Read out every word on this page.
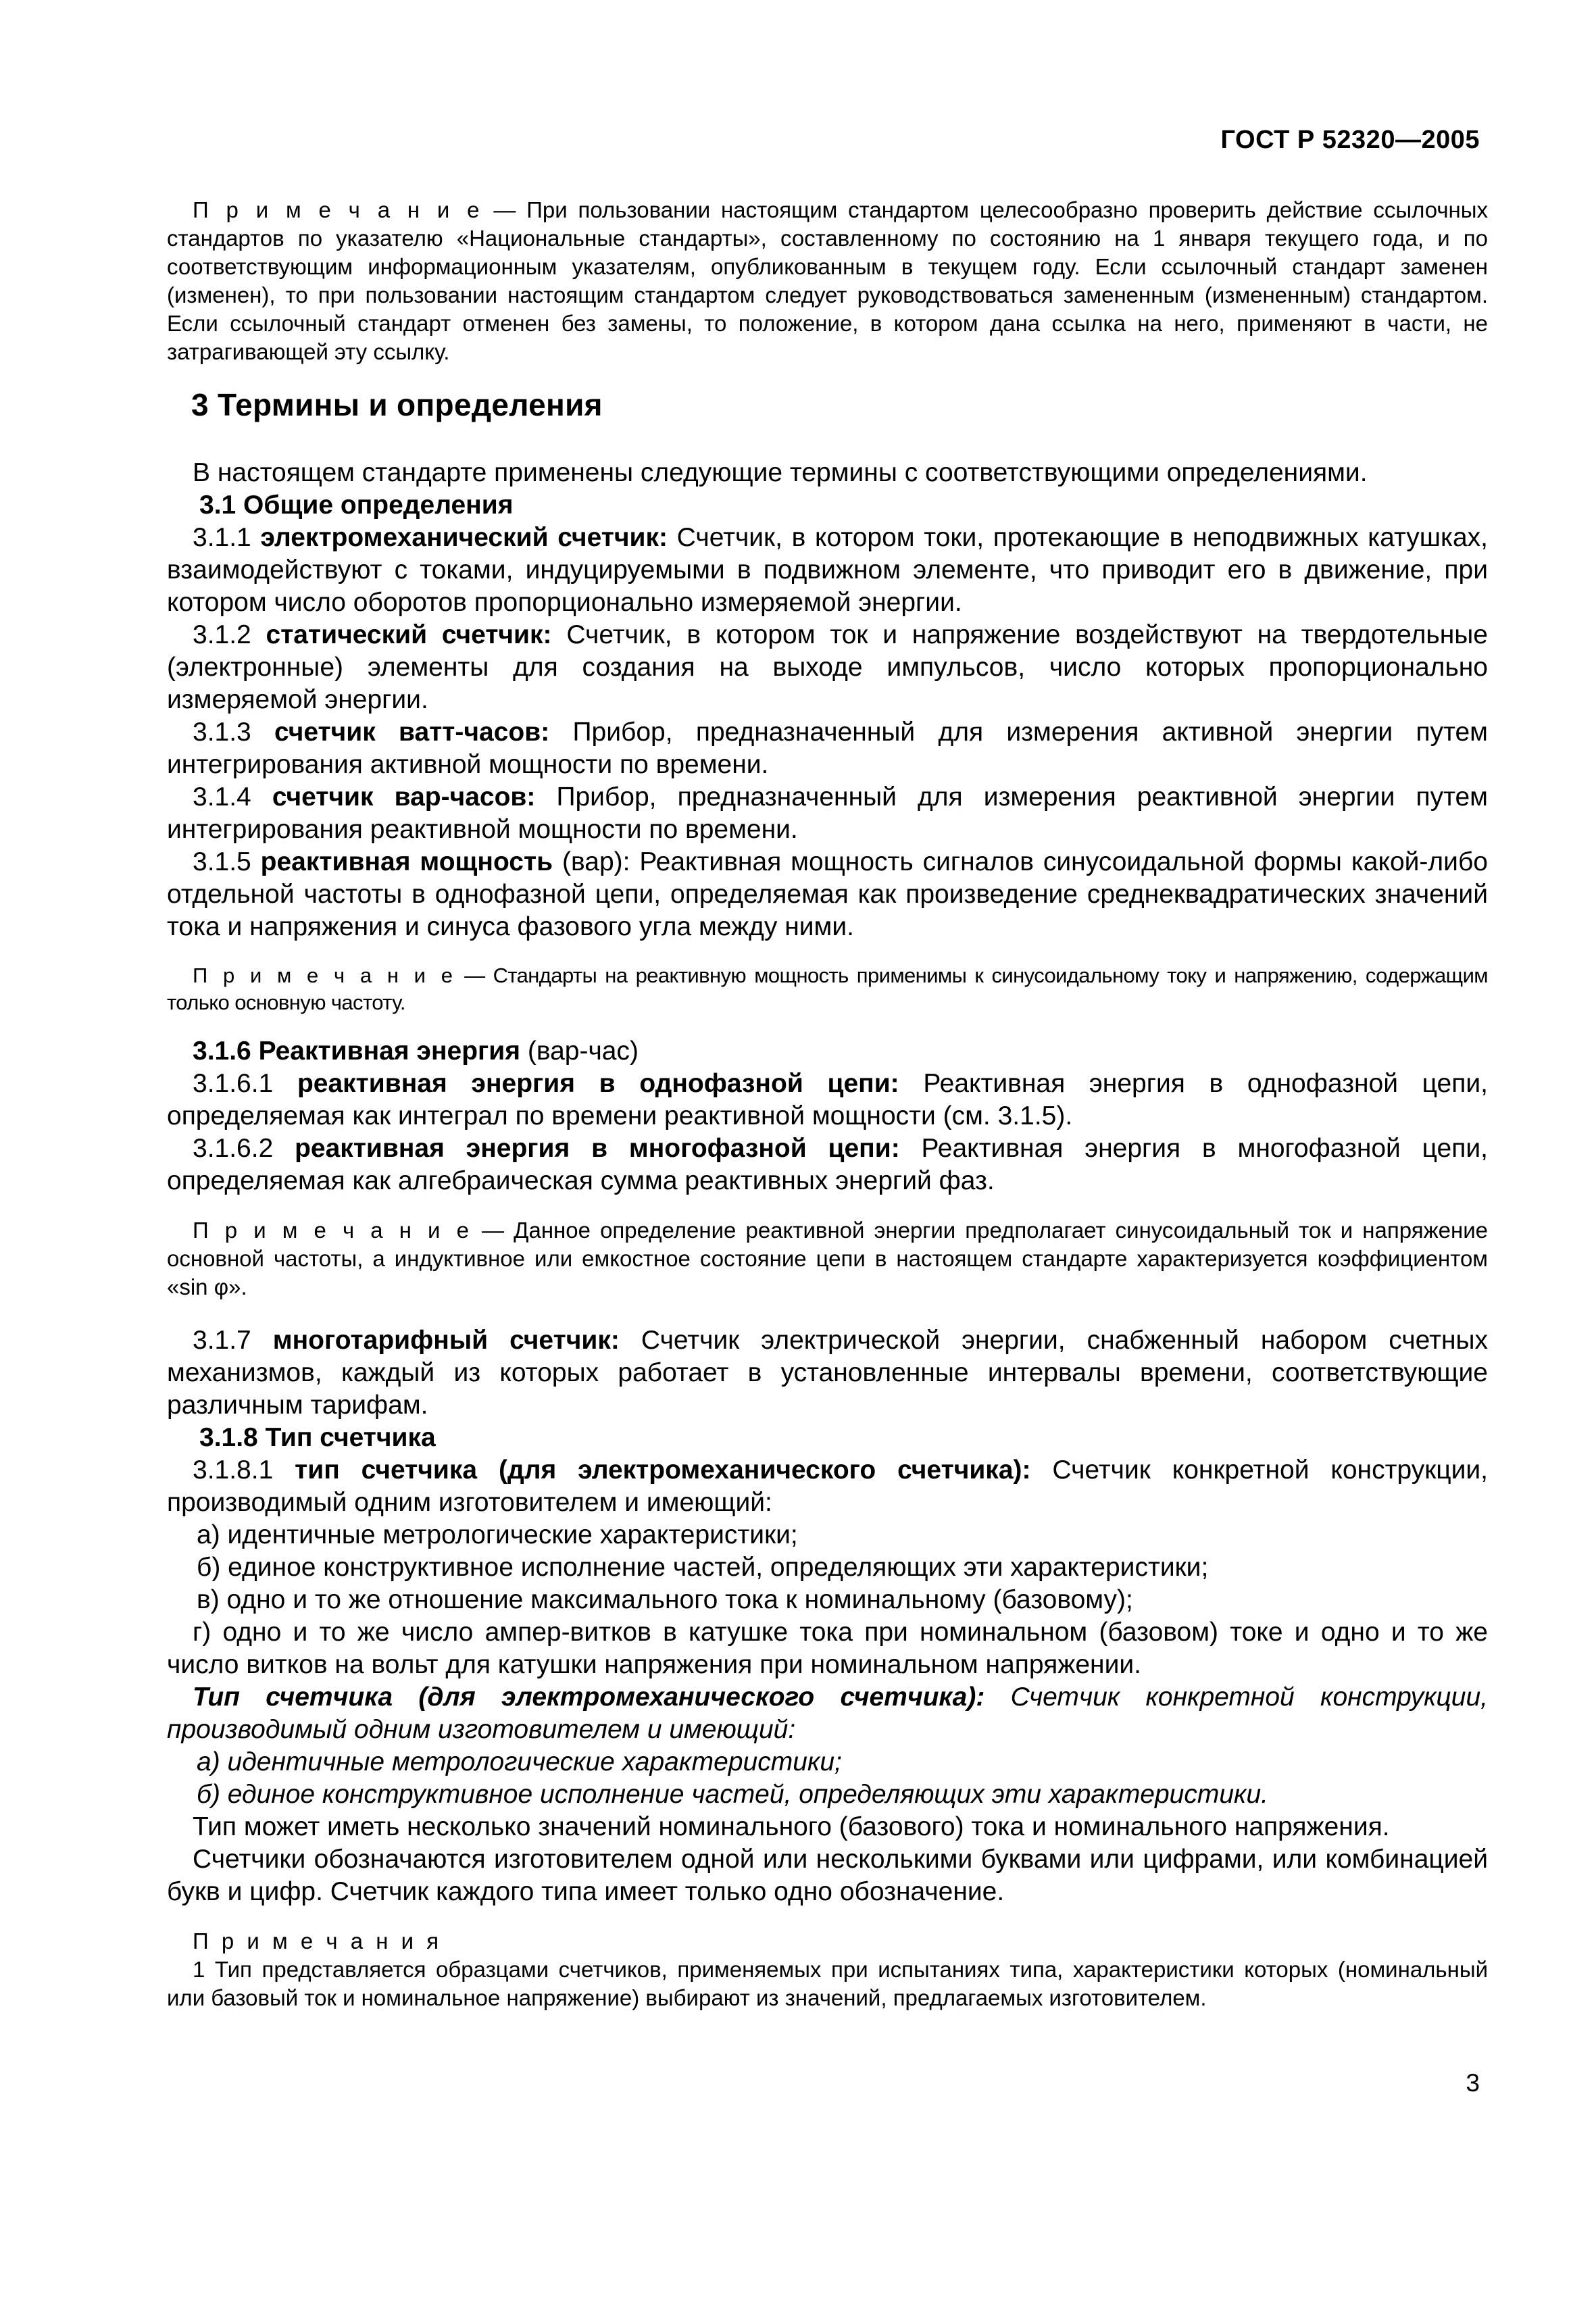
ГОСТ Р 52320—2005

П р и м е ч а н и е — При пользовании настоящим стандартом целесообразно проверить действие ссылочных стандартов по указателю «Национальные стандарты», составленному по состоянию на 1 января текущего года, и по соответствующим информационным указателям, опубликованным в текущем году. Если ссылочный стандарт заменен (изменен), то при пользовании настоящим стандартом следует руководствоваться замененным (измененным) стандартом. Если ссылочный стандарт отменен без замены, то положение, в котором дана ссылка на него, применяют в части, не затрагивающей эту ссылку.

3 Термины и определения

В настоящем стандарте применены следующие термины с соответствующими определениями.

3.1 Общие определения

3.1.1 электромеханический счетчик: Счетчик, в котором токи, протекающие в неподвижных катушках, взаимодействуют с токами, индуцируемыми в подвижном элементе, что приводит его в движение, при котором число оборотов пропорционально измеряемой энергии.

3.1.2 статический счетчик: Счетчик, в котором ток и напряжение воздействуют на твердотельные (электронные) элементы для создания на выходе импульсов, число которых пропорционально измеряемой энергии.

3.1.3 счетчик ватт-часов: Прибор, предназначенный для измерения активной энергии путем интегрирования активной мощности по времени.

3.1.4 счетчик вар-часов: Прибор, предназначенный для измерения реактивной энергии путем интегрирования реактивной мощности по времени.

3.1.5 реактивная мощность (вар): Реактивная мощность сигналов синусоидальной формы какой-либо отдельной частоты в однофазной цепи, определяемая как произведение среднеквадратических значений тока и напряжения и синуса фазового угла между ними.

П р и м е ч а н и е — Стандарты на реактивную мощность применимы к синусоидальному току и напряжению, содержащим только основную частоту.

3.1.6 Реактивная энергия (вар-час)

3.1.6.1 реактивная энергия в однофазной цепи: Реактивная энергия в однофазной цепи, определяемая как интеграл по времени реактивной мощности (см. 3.1.5).

3.1.6.2 реактивная энергия в многофазной цепи: Реактивная энергия в многофазной цепи, определяемая как алгебраическая сумма реактивных энергий фаз.

П р и м е ч а н и е — Данное определение реактивной энергии предполагает синусоидальный ток и напряжение основной частоты, а индуктивное или емкостное состояние цепи в настоящем стандарте характеризуется коэффициентом «sin φ».

3.1.7 многотарифный счетчик: Счетчик электрической энергии, снабженный набором счетных механизмов, каждый из которых работает в установленные интервалы времени, соответствующие различным тарифам.

3.1.8 Тип счетчика

3.1.8.1 тип счетчика (для электромеханического счетчика): Счетчик конкретной конструкции, производимый одним изготовителем и имеющий:

а) идентичные метрологические характеристики;

б) единое конструктивное исполнение частей, определяющих эти характеристики;

в) одно и то же отношение максимального тока к номинальному (базовому);

г) одно и то же число ампер-витков в катушке тока при номинальном (базовом) токе и одно и то же число витков на вольт для катушки напряжения при номинальном напряжении.

Тип счетчика (для электромеханического счетчика): Счетчик конкретной конструкции, производимый одним изготовителем и имеющий:

а) идентичные метрологические характеристики;

б) единое конструктивное исполнение частей, определяющих эти характеристики.

Тип может иметь несколько значений номинального (базового) тока и номинального напряжения.

Счетчики обозначаются изготовителем одной или несколькими буквами или цифрами, или комбинацией букв и цифр. Счетчик каждого типа имеет только одно обозначение.

П р и м е ч а н и я

1 Тип представляется образцами счетчиков, применяемых при испытаниях типа, характеристики которых (номинальный или базовый ток и номинальное напряжение) выбирают из значений, предлагаемых изготовителем.

3
